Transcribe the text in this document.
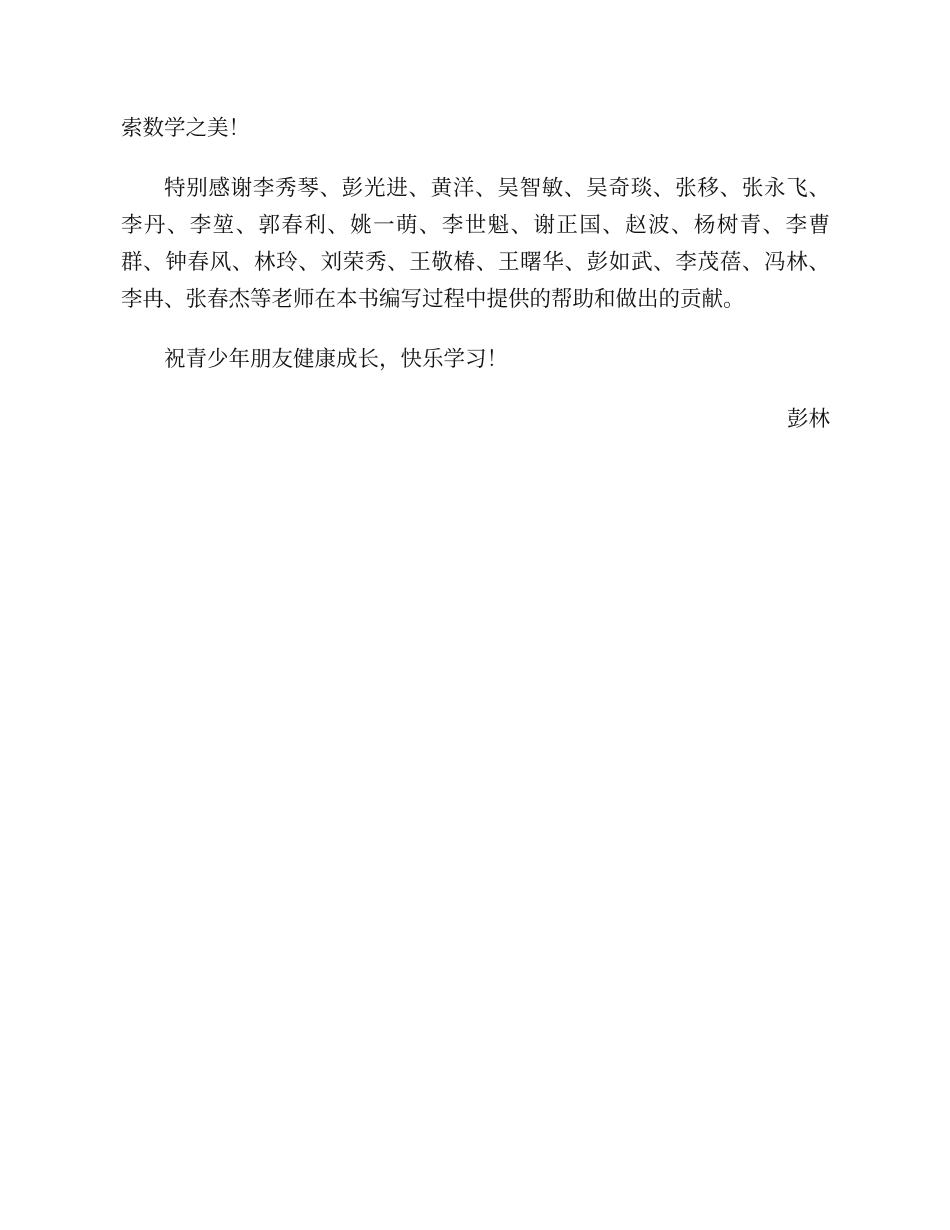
索数学之美！

特别感谢李秀琴、彭光进、黄洋、吴智敏、吴奇琰、张移、张永飞、李丹、李堃、郭春利、姚一萌、李世魁、谢正国、赵波、杨树青、李曹群、钟春风、林玲、刘荣秀、王敬椿、王曙华、彭如武、李茂蓓、冯林、李冉、张春杰等老师在本书编写过程中提供的帮助和做出的贡献。

祝青少年朋友健康成长，快乐学习！

彭林
